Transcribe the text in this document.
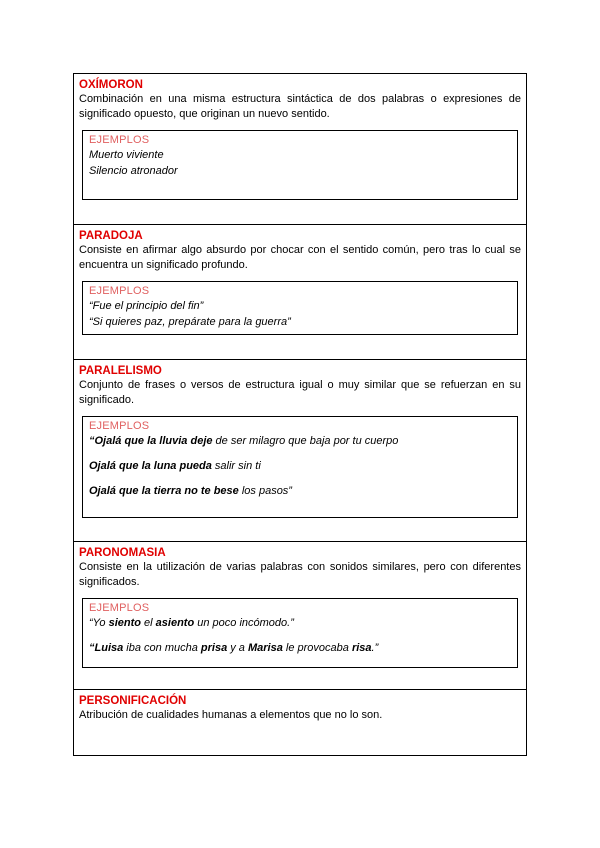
OXÍMORON
Combinación en una misma estructura sintáctica de dos palabras o expresiones de significado opuesto, que originan un nuevo sentido.
EJEMPLOS
Muerto viviente
Silencio atronador
PARADOJA
Consiste en afirmar algo absurdo por chocar con el sentido común, pero tras lo cual se encuentra un significado profundo.
EJEMPLOS
“Fue el principio del fin”
“Si quieres paz, prepárate para la guerra”
PARALELISMO
Conjunto de frases o versos de estructura igual o muy similar que se refuerzan en su significado.
EJEMPLOS
“Ojalá que la lluvia deje de ser milagro que baja por tu cuerpo
Ojalá que la luna pueda salir sin ti
Ojalá que la tierra no te bese los pasos”
PARONOMASIA
Consiste en la utilización de varias palabras con sonidos similares, pero con diferentes significados.
EJEMPLOS
“Yo siento el asiento un poco incómodo.”
“Luisa iba con mucha prisa y a Marisa le provocaba risa.”
PERSONIFICACIÓN
Atribución de cualidades humanas a elementos que no lo son.
